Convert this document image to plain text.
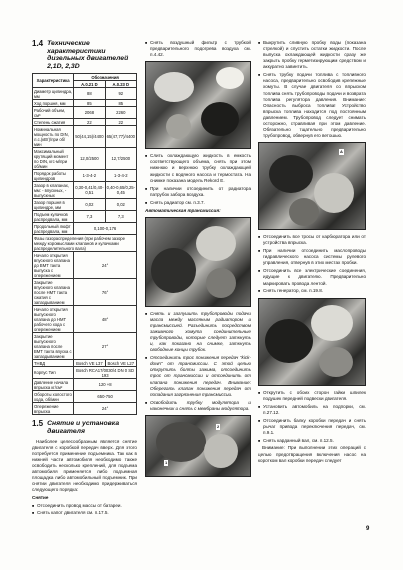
1.4 Технические характеристики дизельных двигателей 2,1D, 2,3D
Характеристика	Обозначения	
	A.0.21 D	A.0.23 D
Диаметр цилиндра, мм	88	92
Ход поршня, мм	85	85
Рабочий объем, см³	2068	2260
Степень сжатия	22	22
Номинальная мощность по DIN, л.с.(кВт)/при об/мин	50(44,15)/4400	65(47,77)/4400
Максимальный крутящий момент по DIN, кгс·м/при об/мин	12,0/2500	12,7/2500
Порядок работы цилиндров	1-3-4-2	1-3-4-2
Зазор в клапанах, мм: - впускных, - выпускных	0,30-0,41/0,40-0,51	0,40-0,65/0,25-0,45
Зазор поршня в цилиндре, мм	0,02	0,02
Подъем кулачков распредвала, мм	7,3	7,3
Продольный люфт распредвала, мм	0,100-0,176	
Фазы газораспределения (при рабочем зазоре между коромыслами клапанов и кулачками распределительного вала)		
Начало открытия впускного клапана до ВМТ такта выпуска с опережением	24°	
Закрытие впускного клапана после НМТ такта сжатия с запаздыванием	76°	
Начало открытия выпускного клапана до НМТ рабочего хода с опережением	48°	
Закрытие выпускного клапана после ВМТ такта впуска с запаздыванием	27°	
ТНВД	Bosch VE L37	Bosch VE L27
Корпус Тип	Bosch RCA17/0030/4 DN 0 SD 193	
Давление начала впрыска кг/см²	120 +8	
Обороты холостого хода, об/мин	650-750	
Опережение впрыска	24°	
1.5 Снятие и установка двигателя
Наиболее целесообразным является снятие двигателя с коробкой передач вверх. Для этого потребуется применение подъемника. Так как в нижней части автомобиля необходимо также освободить несколько креплений, для подъема автомобиля применяется либо подъемная площадка либо автомобильный подъемник. При снятии двигателя необходимо придерживаться следующего порядка:
Снятие
■ Отсоединить провод массы от батареи.
■ Снять капот двигателя см. п.17.5.
■ Снять воздушный фильтр с трубкой предварительного подогрева воздуха см. п.4.42.
■ Слить охлаждающую жидкость в емкость соответствующего объема, снять при этом нижнюю и верхнюю трубку охлаждающей жидкости с водяного насоса и термостата. На снимке показана модель Rekord E.
■ При наличии отсоединить от радиатора патрубок забора воздуха.
■ Снять радиатор см. п.3.7.
Автоматическая трансмиссия:
■ Снять и заглушить трубопроводы подачи масла между масляным радиатором и трансмиссией. Разъединить посредством зажимного хомута соединительные трубопроводы, которые следует заткнуть и, как показано на снимке, заткнуть свободные концы трубок.
■ Отсоединить трос понижения передач "kick-down" от трансмиссии. С этой целью открутить болты зажима, отсоединить трос от трансмиссии и отсоединить от клапана понижения передач. Внимание: Оберегать клапан понижения передач от попадания загрязнения трансмиссии.
■ Освободить трубку модулятора и наконечник и снять с мембраны модулятора.
1
2
■ Выкрутить сливную пробку воды (показана стрелкой) и спустить остатки жидкости. После выпуска охлаждающей жидкости сразу же закрыть пробку герметизирующим средством и аккуратно завинтить.
■ Снять трубку подачи топлива с топливного насоса, предварительно освободив крепежные хомуты. В случае двигателя со впрыском топлива снять трубопроводы подачи и возврата топлива регулятора давления. Внимание: Опасность выброса топлива! Устройство впрыска топлива находится под постоянным давлением. Трубопровод следует снимать осторожно, стравливая при этом давление. Обязательно тщательно предварительно трубопровод, обвернув его ветошью.
A
■ Отсоединить все тросы от карбюратора или от устройства впрыска.
■ При наличии отсоединить маслопроводы гидравлического насоса системы рулевого управления, отвернув в этих местах пробки.
■ Отсоединить все электрические соединения, идущие к двигателю. Предварительно маркировать провода лентой.
■ Снять генератор, см. п.19.8.
■ Открутить с обоих сторон гайки шпилек подушек передней подвески двигателя.
■ Установить автомобиль на подпорки, см. п.27.12.
■ Отсоединить балку коробки передач и снять рычаг привода переключения передач, см. п.9.1.
■ Снять карданный вал, см. п.12.5.
Внимание: При выполнении этих операций с целью предотвращения включения насос на коротком вал коробки передач следует
9
